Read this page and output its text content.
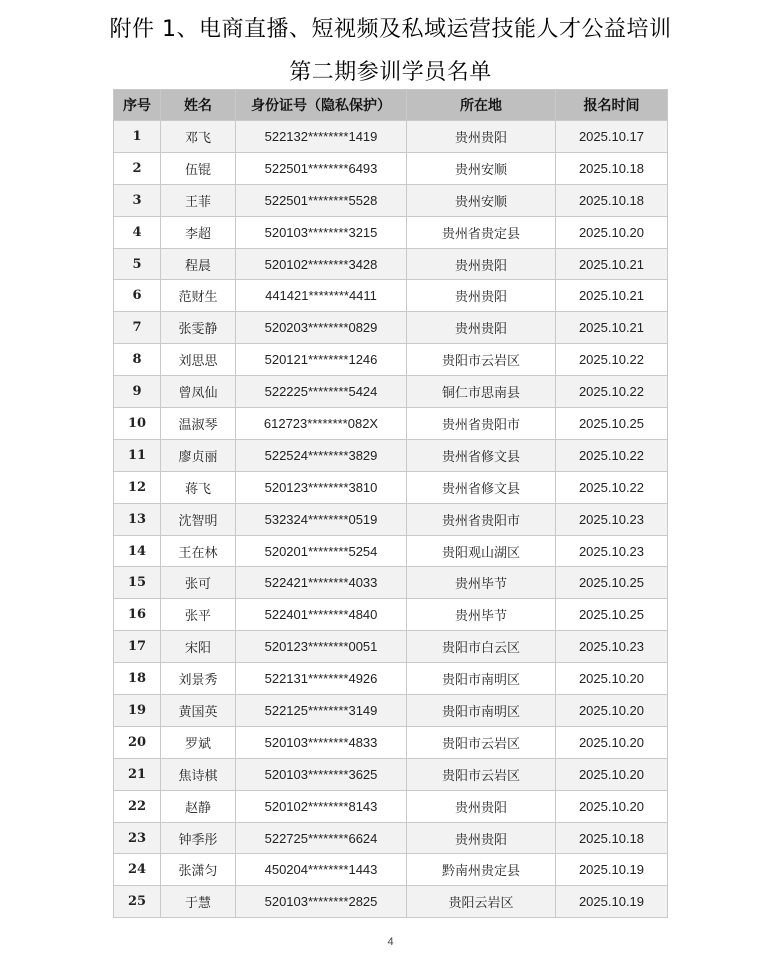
附件 1、电商直播、短视频及私域运营技能人才公益培训
第二期参训学员名单
序号	姓名	身份证号（隐私保护）	所在地	报名时间
1	邓飞	522132********1419	贵州贵阳	2025.10.17
2	伍锟	522501********6493	贵州安顺	2025.10.18
3	王菲	522501********5528	贵州安顺	2025.10.18
4	李超	520103********3215	贵州省贵定县	2025.10.20
5	程晨	520102********3428	贵州贵阳	2025.10.21
6	范财生	441421********4411	贵州贵阳	2025.10.21
7	张雯静	520203********0829	贵州贵阳	2025.10.21
8	刘思思	520121********1246	贵阳市云岩区	2025.10.22
9	曾凤仙	522225********5424	铜仁市思南县	2025.10.22
10	温淑琴	612723********082X	贵州省贵阳市	2025.10.25
11	廖贞丽	522524********3829	贵州省修文县	2025.10.22
12	蒋飞	520123********3810	贵州省修文县	2025.10.22
13	沈智明	532324********0519	贵州省贵阳市	2025.10.23
14	王在林	520201********5254	贵阳观山湖区	2025.10.23
15	张可	522421********4033	贵州毕节	2025.10.25
16	张平	522401********4840	贵州毕节	2025.10.25
17	宋阳	520123********0051	贵阳市白云区	2025.10.23
18	刘景秀	522131********4926	贵阳市南明区	2025.10.20
19	黄国英	522125********3149	贵阳市南明区	2025.10.20
20	罗斌	520103********4833	贵阳市云岩区	2025.10.20
21	焦诗棋	520103********3625	贵阳市云岩区	2025.10.20
22	赵静	520102********8143	贵州贵阳	2025.10.20
23	钟季彤	522725********6624	贵州贵阳	2025.10.18
24	张潇匀	450204********1443	黔南州贵定县	2025.10.19
25	于慧	520103********2825	贵阳云岩区	2025.10.19
4
